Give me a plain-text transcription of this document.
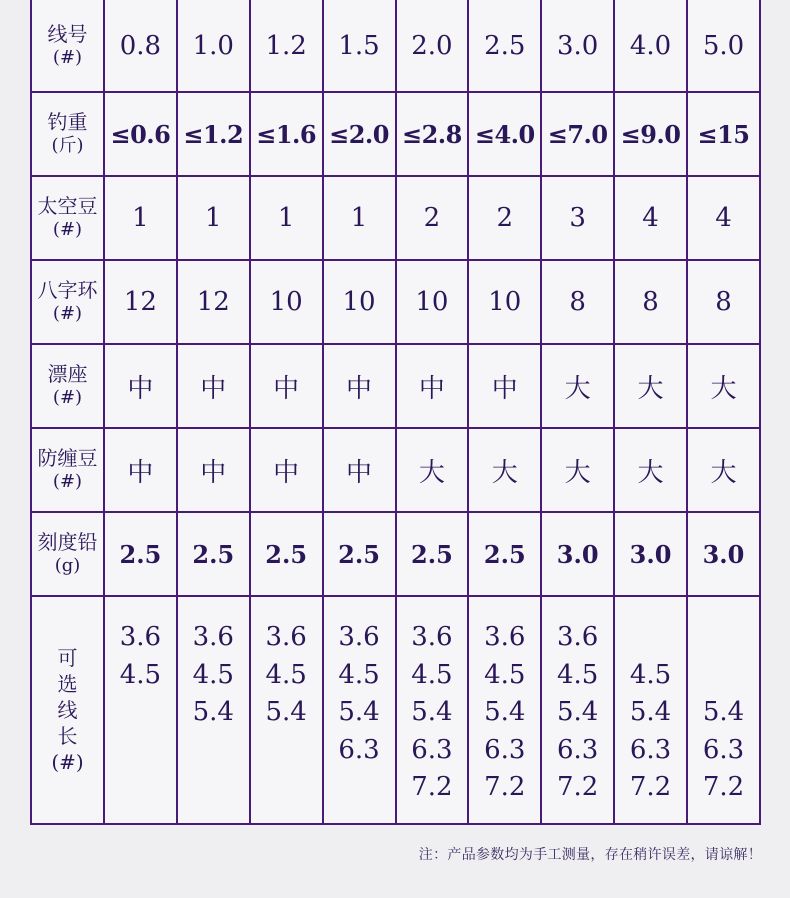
线号
(#)	0.8	1.0	1.2	1.5	2.0	2.5	3.0	4.0	5.0

钓重
(斤)	≤0.6	≤1.2	≤1.6	≤2.0	≤2.8	≤4.0	≤7.0	≤9.0	≤15

太空豆
(#)	1	1	1	1	2	2	3	4	4

八字环
(#)	12	12	10	10	10	10	8	8	8

漂座
(#)	中	中	中	中	中	中	大	大	大

防缠豆
(#)	中	中	中	中	大	大	大	大	大

刻度铅
(g)	2.5	2.5	2.5	2.5	2.5	2.5	3.0	3.0	3.0

可
选
线
长
(#)	3.6
4.5	3.6
4.5
5.4	3.6
4.5
5.4	3.6
4.5
5.4
6.3	3.6
4.5
5.4
6.3
7.2	3.6
4.5
5.4
6.3
7.2	3.6
4.5
5.4
6.3
7.2	4.5
5.4
6.3
7.2	5.4
6.3
7.2
注：产品参数均为手工测量，存在稍许误差，请谅解！
